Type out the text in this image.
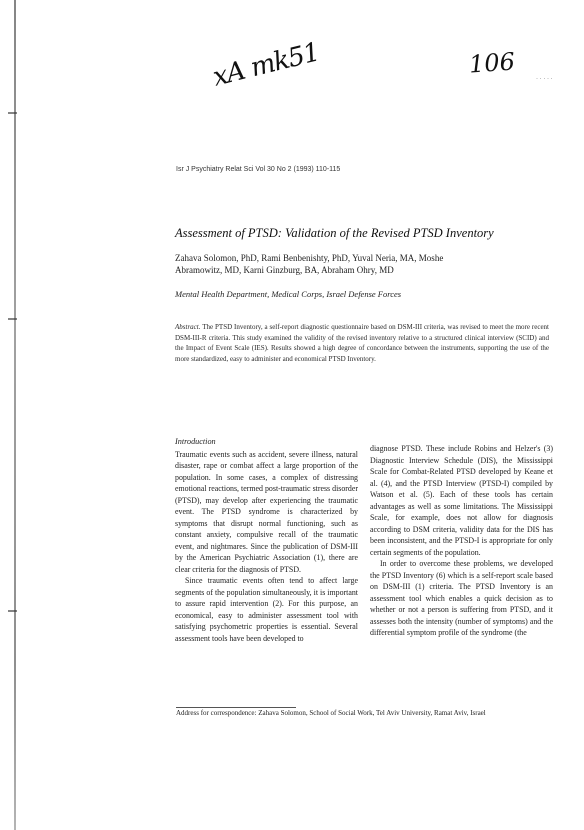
xA mk51	106
· · · · ·
Isr J Psychiatry Relat Sci Vol 30 No 2 (1993) 110-115
Assessment of PTSD: Validation of the Revised PTSD Inventory
Zahava Solomon, PhD, Rami Benbenishty, PhD, Yuval Neria, MA, Moshe Abramowitz, MD, Karni Ginzburg, BA, Abraham Ohry, MD
Mental Health Department, Medical Corps, Israel Defense Forces
Abstract. The PTSD Inventory, a self-report diagnostic questionnaire based on DSM-III criteria, was revised to meet the more recent DSM-III-R criteria. This study examined the validity of the revised inventory relative to a structured clinical interview (SCID) and the Impact of Event Scale (IES). Results showed a high degree of concordance between the instruments, supporting the use of the more standardized, easy to administer and economical PTSD Inventory.
Introduction

Traumatic events such as accident, severe illness, natural disaster, rape or combat affect a large proportion of the population. In some cases, a complex of distressing emotional reactions, termed post-traumatic stress disorder (PTSD), may develop after experiencing the traumatic event. The PTSD syndrome is characterized by symptoms that disrupt normal functioning, such as constant anxiety, compulsive recall of the traumatic event, and nightmares. Since the publication of DSM-III by the American Psychiatric Association (1), there are clear criteria for the diagnosis of PTSD.

Since traumatic events often tend to affect large segments of the population simultaneously, it is important to assure rapid intervention (2). For this purpose, an economical, easy to administer assessment tool with satisfying psychometric properties is essential. Several assessment tools have been developed to

diagnose PTSD. These include Robins and Helzer's (3) Diagnostic Interview Schedule (DIS), the Mississippi Scale for Combat-Related PTSD developed by Keane et al. (4), and the PTSD Interview (PTSD-I) compiled by Watson et al. (5). Each of these tools has certain advantages as well as some limitations. The Mississippi Scale, for example, does not allow for diagnosis according to DSM criteria, validity data for the DIS has been inconsistent, and the PTSD-I is appropriate for only certain segments of the population.

In order to overcome these problems, we developed the PTSD Inventory (6) which is a self-report scale based on DSM-III (1) criteria. The PTSD Inventory is an assessment tool which enables a quick decision as to whether or not a person is suffering from PTSD, and it assesses both the intensity (number of symptoms) and the differential symptom profile of the syndrome (the

Address for correspondence: Zahava Solomon, School of Social Work, Tel Aviv University, Ramat Aviv, Israel
